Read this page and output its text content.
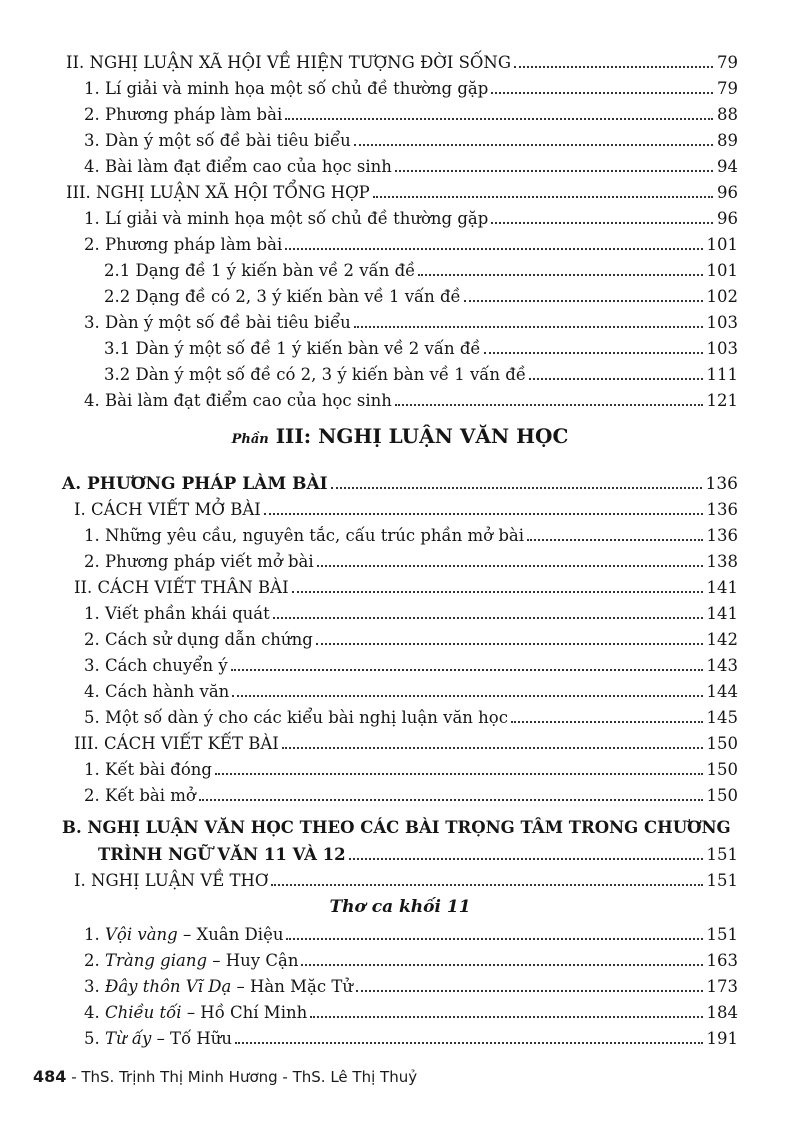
II. NGHỊ LUẬN XÃ HỘI VỀ HIỆN TƯỢNG ĐỜI SỐNG	79
1. Lí giải và minh họa một số chủ đề thường gặp	79
2. Phương pháp làm bài	88
3. Dàn ý một số đề bài tiêu biểu	89
4. Bài làm đạt điểm cao của học sinh	94
III. NGHỊ LUẬN XÃ HỘI TỔNG HỢP	96
1. Lí giải và minh họa một số chủ đề thường gặp	96
2. Phương pháp làm bài	101
2.1 Dạng đề 1 ý kiến bàn về 2 vấn đề	101
2.2 Dạng đề có 2, 3 ý kiến bàn về 1 vấn đề	102
3. Dàn ý một số đề bài tiêu biểu	103
3.1 Dàn ý một số đề 1 ý kiến bàn về 2 vấn đề	103
3.2 Dàn ý một số đề có 2, 3 ý kiến bàn về 1 vấn đề	111
4. Bài làm đạt điểm cao của học sinh	121
Phần III: NGHỊ LUẬN VĂN HỌC
A. PHƯƠNG PHÁP LÀM BÀI	136
I. CÁCH VIẾT MỞ BÀI	136
1. Những yêu cầu, nguyên tắc, cấu trúc phần mở bài	136
2. Phương pháp viết mở bài	138
II. CÁCH VIẾT THÂN BÀI	141
1. Viết phần khái quát	141
2. Cách sử dụng dẫn chứng	142
3. Cách chuyển ý	143
4. Cách hành văn	144
5. Một số dàn ý cho các kiểu bài nghị luận văn học	145
III. CÁCH VIẾT KẾT BÀI	150
1. Kết bài đóng	150
2. Kết bài mở	150
B. NGHỊ LUẬN VĂN HỌC THEO CÁC BÀI TRỌNG TÂM TRONG CHƯƠNG
TRÌNH NGỮ VĂN 11 VÀ 12	151
I. NGHỊ LUẬN VỀ THƠ	151
Thơ ca khối 11
1. Vội vàng – Xuân Diệu	151
2. Tràng giang – Huy Cận	163
3. Đây thôn Vĩ Dạ – Hàn Mặc Tử	173
4. Chiều tối – Hồ Chí Minh	184
5. Từ ấy – Tố Hữu	191
484 - ThS. Trịnh Thị Minh Hương - ThS. Lê Thị Thuỷ
